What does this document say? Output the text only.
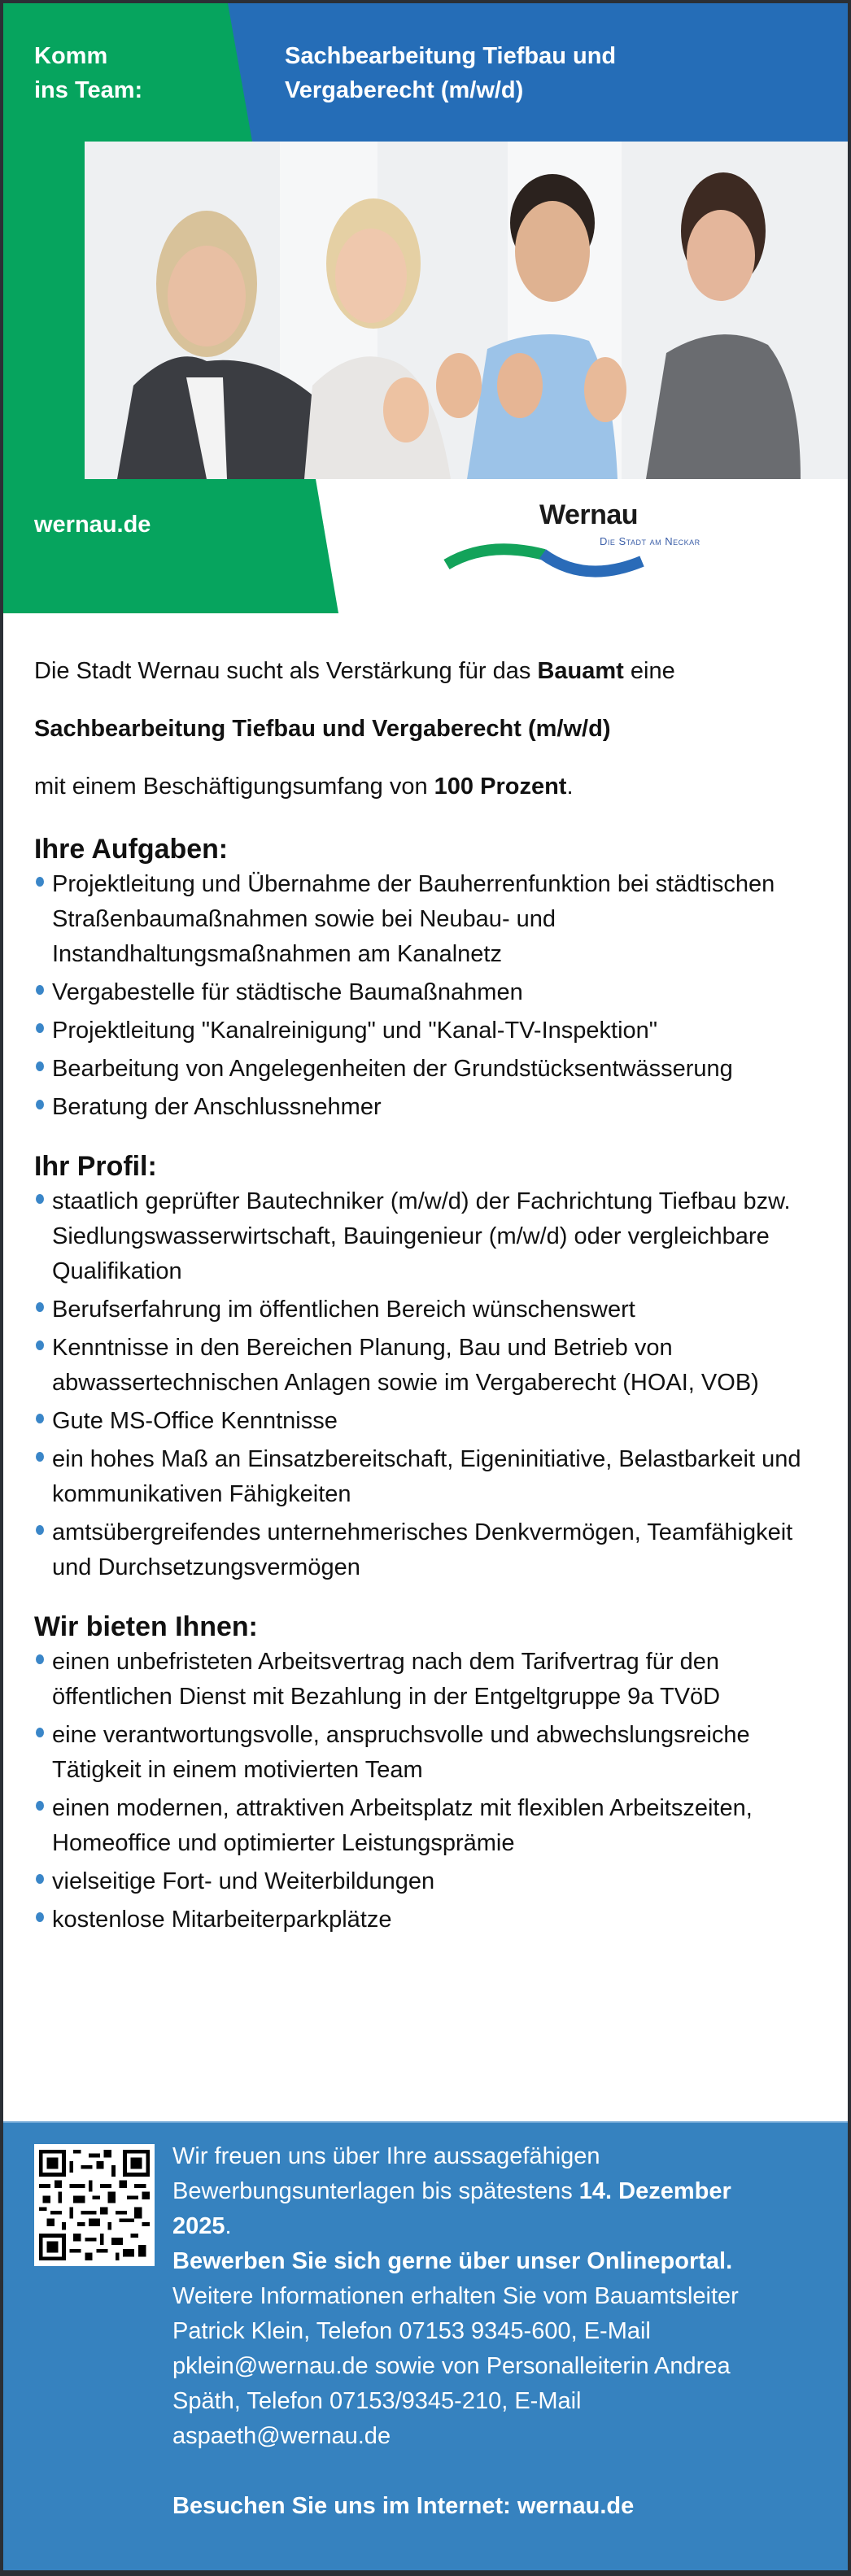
Komm
ins Team:
Sachbearbeitung Tiefbau und
Vergaberecht (m/w/d)
wernau.de	Wernau
Die Stadt am Neckar

Die Stadt Wernau sucht als Verstärkung für das Bauamt eine

Sachbearbeitung Tiefbau und Vergaberecht (m/w/d)

mit einem Beschäftigungsumfang von 100 Prozent.

Ihre Aufgaben:
Projektleitung und Übernahme der Bauherrenfunktion bei städtischen Straßenbaumaßnahmen sowie bei Neubau- und Instandhaltungsmaßnahmen am Kanalnetz
Vergabestelle für städtische Baumaßnahmen
Projektleitung "Kanalreinigung" und "Kanal-TV-Inspektion"
Bearbeitung von Angelegenheiten der Grundstücksentwässerung
Beratung der Anschlussnehmer
Ihr Profil:
staatlich geprüfter Bautechniker (m/w/d) der Fachrichtung Tiefbau bzw. Siedlungswasserwirtschaft, Bauingenieur (m/w/d) oder vergleichbare Qualifikation
Berufserfahrung im öffentlichen Bereich wünschenswert
Kenntnisse in den Bereichen Planung, Bau und Betrieb von abwassertechnischen Anlagen sowie im Vergaberecht (HOAI, VOB)
Gute MS-Office Kenntnisse
ein hohes Maß an Einsatzbereitschaft, Eigeninitiative, Belastbarkeit und kommunikativen Fähigkeiten
amtsübergreifendes unternehmerisches Denkvermögen, Teamfähigkeit und Durchsetzungsvermögen
Wir bieten Ihnen:
einen unbefristeten Arbeitsvertrag nach dem Tarifvertrag für den öffentlichen Dienst mit Bezahlung in der Entgeltgruppe 9a TVöD
eine verantwortungsvolle, anspruchsvolle und abwechslungsreiche Tätigkeit in einem motivierten Team
einen modernen, attraktiven Arbeitsplatz mit flexiblen Arbeitszeiten, Homeoffice und optimierter Leistungsprämie
vielseitige Fort- und Weiterbildungen
kostenlose Mitarbeiterparkplätze

Wir freuen uns über Ihre aussagefähigen Bewerbungsunterlagen bis spätestens 14. Dezember 2025.

Bewerben Sie sich gerne über unser Onlineportal.

Weitere Informationen erhalten Sie vom Bauamtsleiter Patrick Klein, Telefon 07153 9345-600, E-Mail pklein@wernau.de sowie von Personalleiterin Andrea Späth, Telefon 07153/9345-210, E-Mail aspaeth@wernau.de

Besuchen Sie uns im Internet: wernau.de
